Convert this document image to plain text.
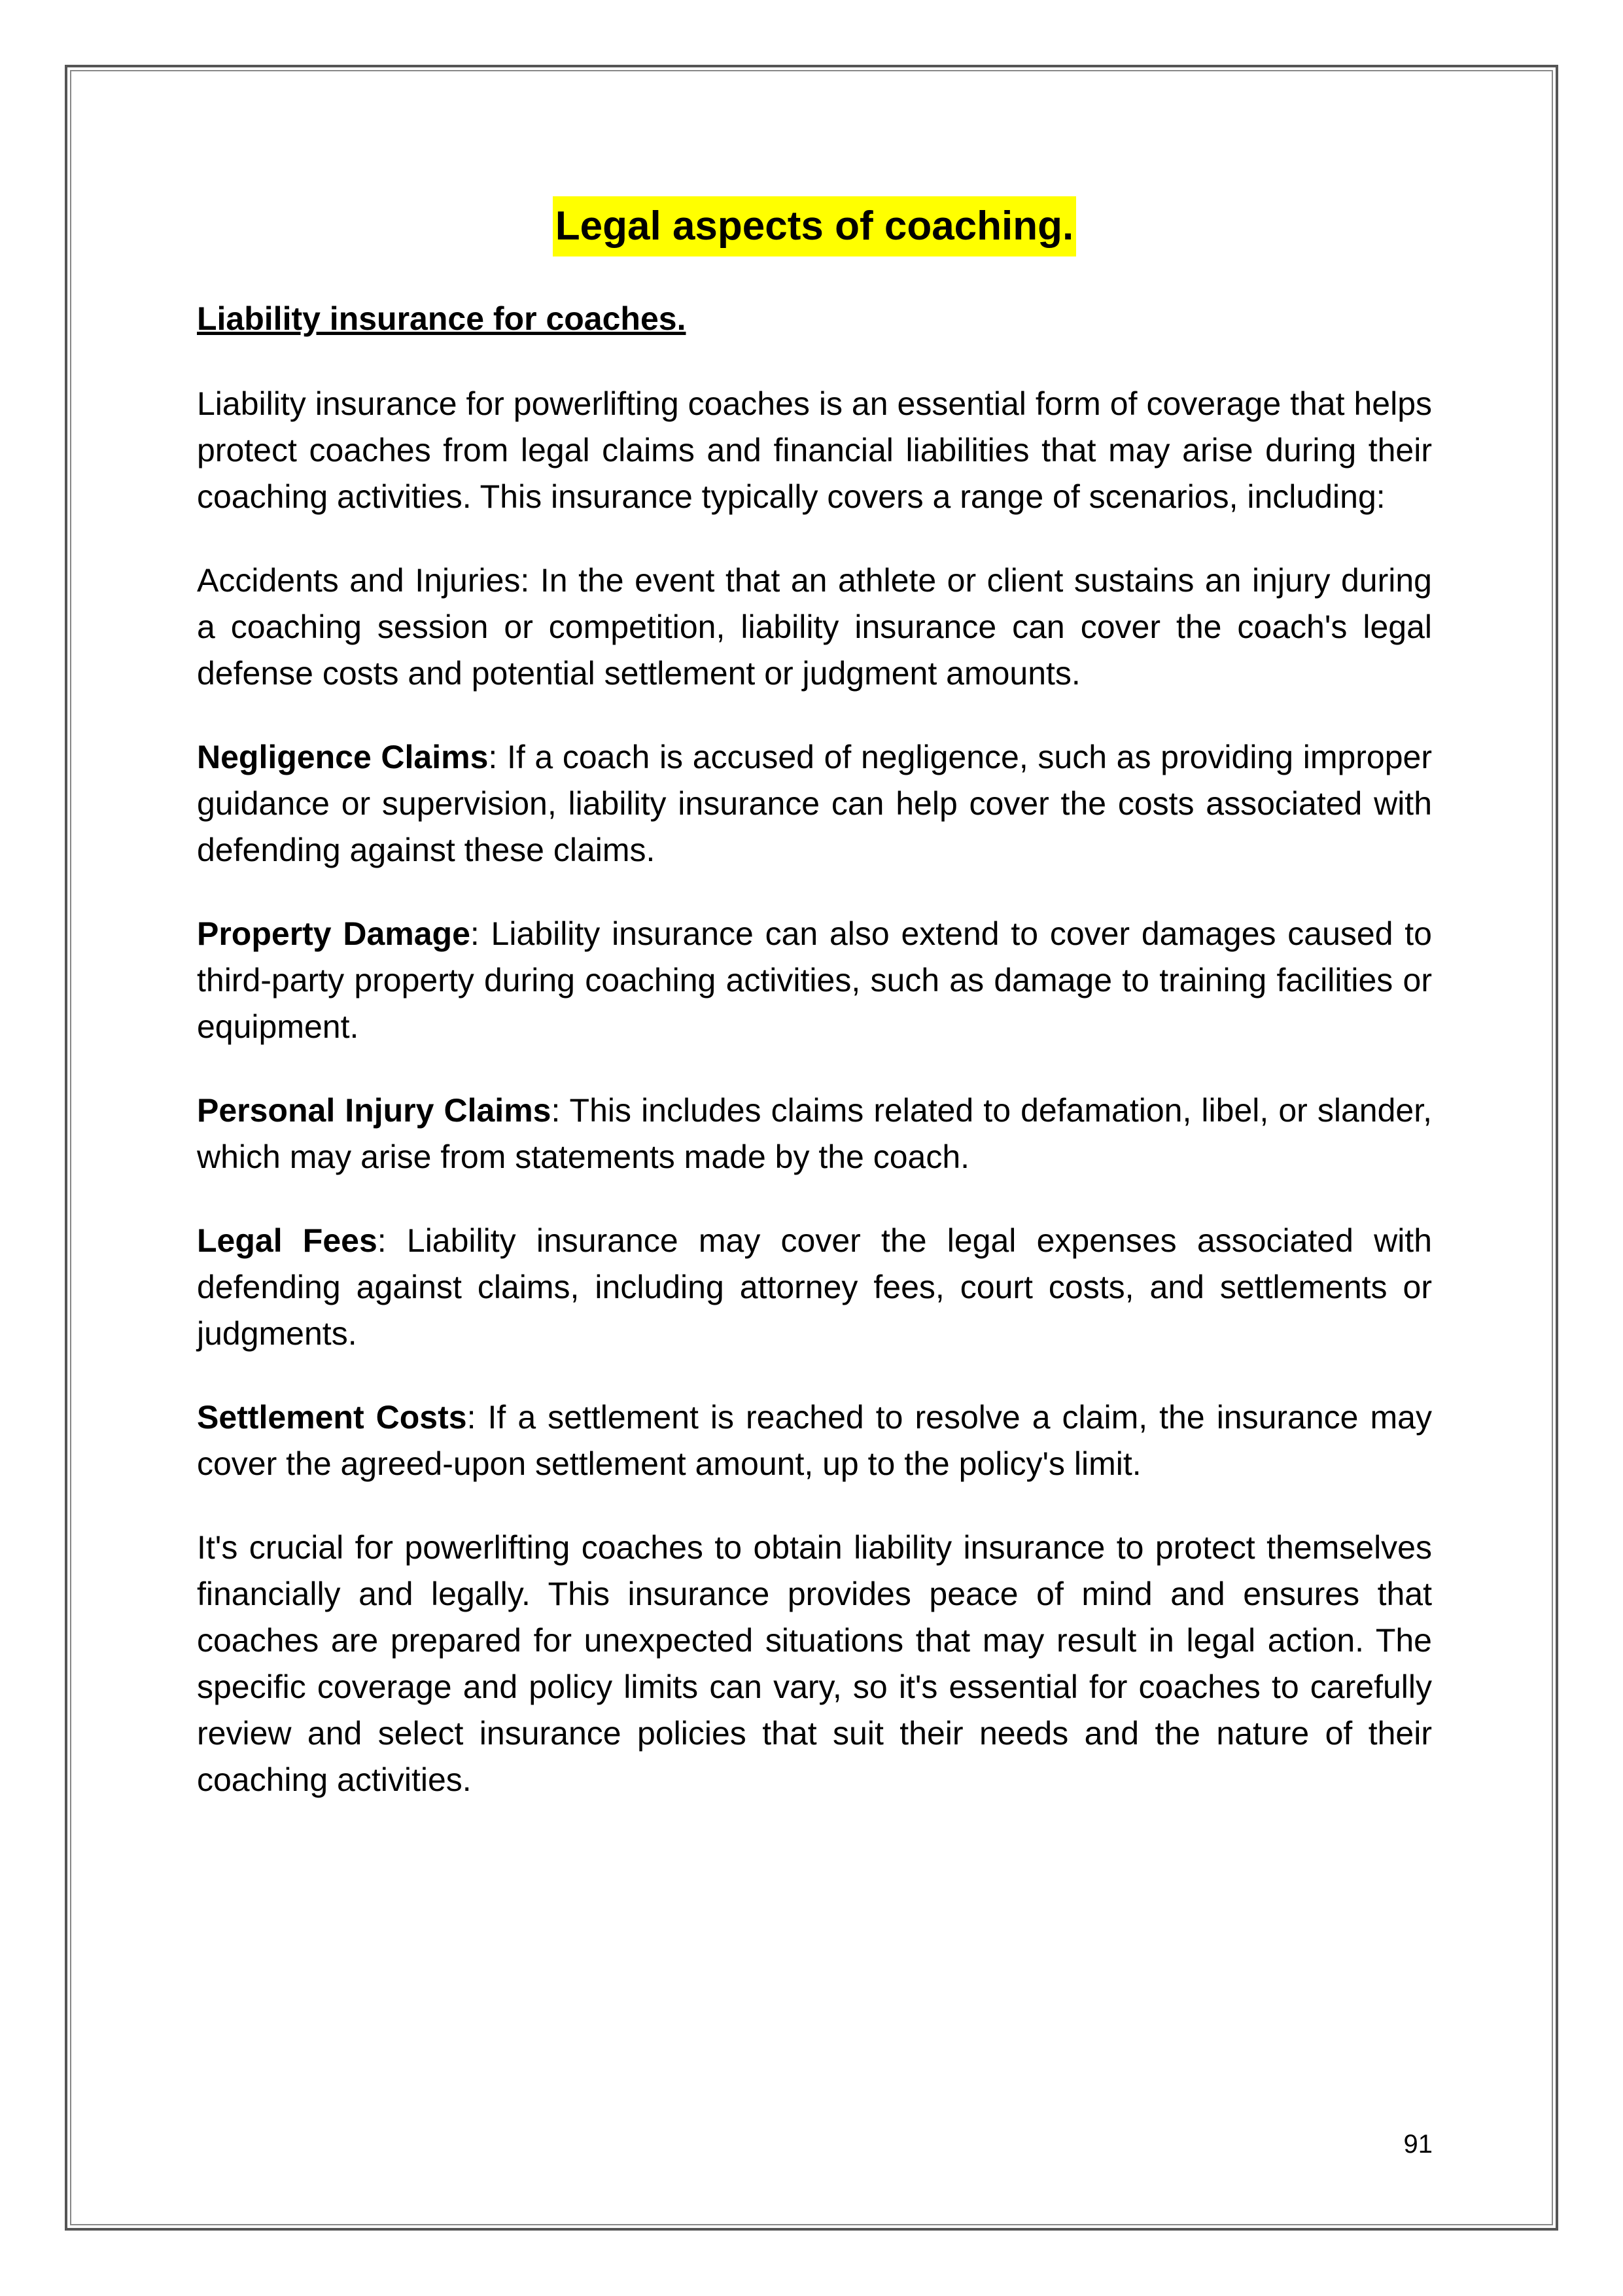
Legal aspects of coaching.
Liability insurance for coaches.

Liability insurance for powerlifting coaches is an essential form of coverage that helps protect coaches from legal claims and financial liabilities that may arise during their coaching activities. This insurance typically covers a range of scenarios, including:

Accidents and Injuries: In the event that an athlete or client sustains an injury during a coaching session or competition, liability insurance can cover the coach's legal defense costs and potential settlement or judgment amounts.

Negligence Claims: If a coach is accused of negligence, such as providing improper guidance or supervision, liability insurance can help cover the costs associated with defending against these claims.

Property Damage: Liability insurance can also extend to cover damages caused to third-party property during coaching activities, such as damage to training facilities or equipment.

Personal Injury Claims: This includes claims related to defamation, libel, or slander, which may arise from statements made by the coach.

Legal Fees: Liability insurance may cover the legal expenses associated with defending against claims, including attorney fees, court costs, and settlements or judgments.

Settlement Costs: If a settlement is reached to resolve a claim, the insurance may cover the agreed-upon settlement amount, up to the policy's limit.

It's crucial for powerlifting coaches to obtain liability insurance to protect themselves financially and legally. This insurance provides peace of mind and ensures that coaches are prepared for unexpected situations that may result in legal action. The specific coverage and policy limits can vary, so it's essential for coaches to carefully review and select insurance policies that suit their needs and the nature of their coaching activities.

91
